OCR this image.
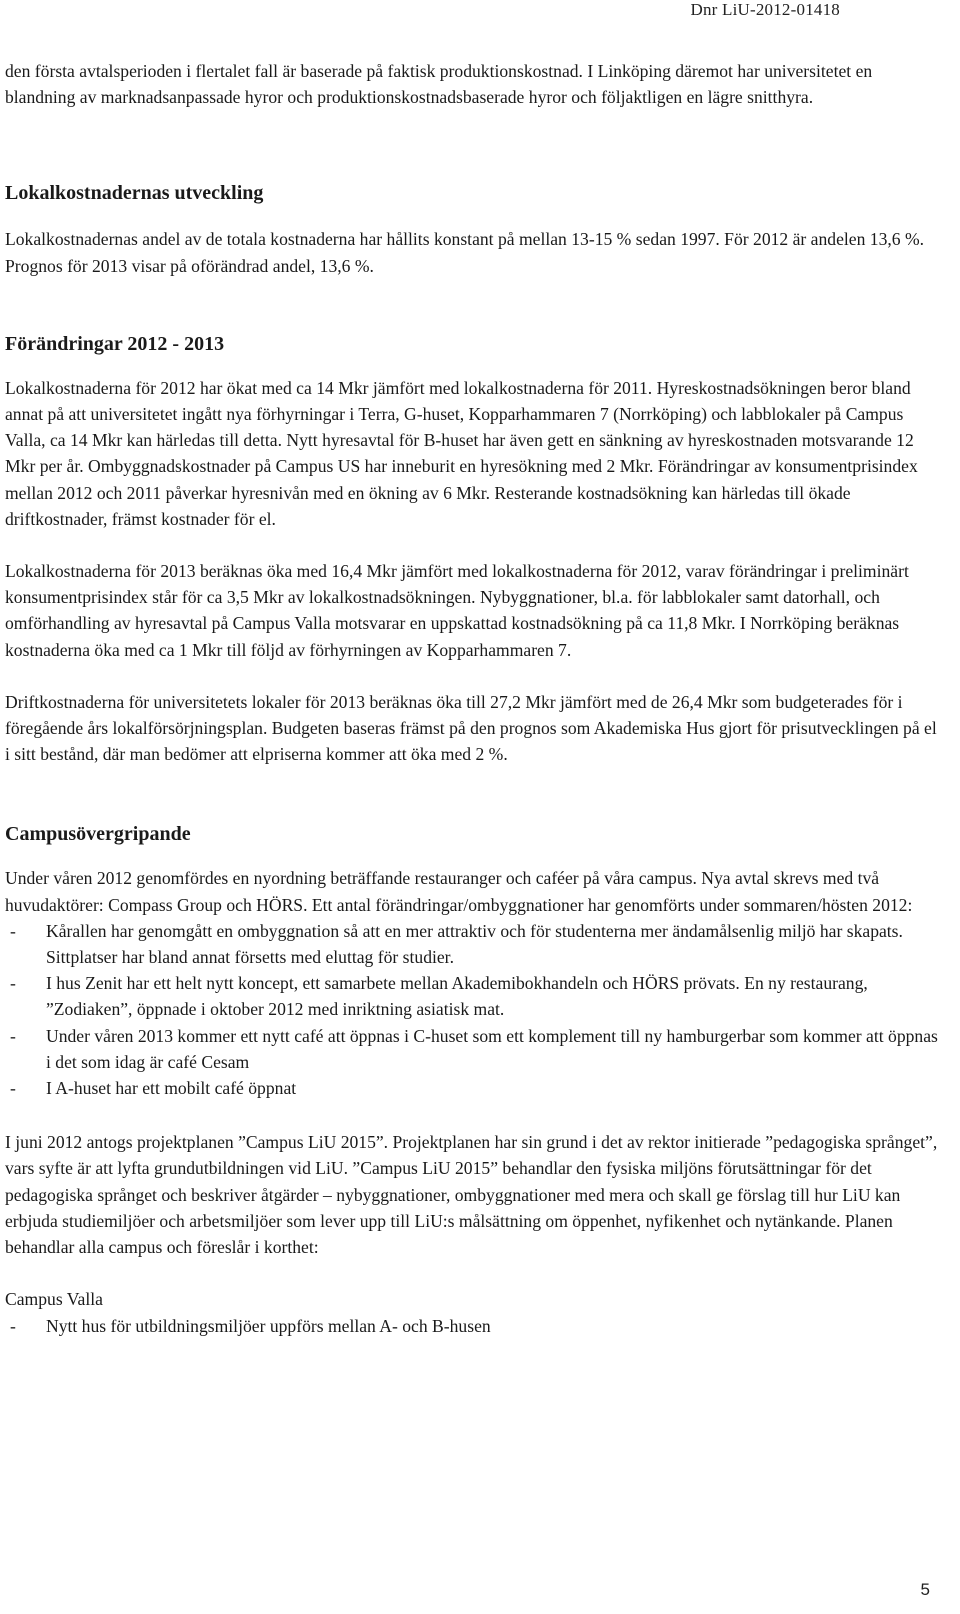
Dnr LiU-2012-01418

den första avtalsperioden i flertalet fall är baserade på faktisk produktionskostnad. I Linköping däremot har universitetet en blandning av marknadsanpassade hyror och produktionskostnadsbaserade hyror och följaktligen en lägre snitthyra.

Lokalkostnadernas utveckling

Lokalkostnadernas andel av de totala kostnaderna har hållits konstant på mellan 13-15 % sedan 1997. För 2012 är andelen 13,6 %. Prognos för 2013 visar på oförändrad andel, 13,6 %.

Förändringar 2012 - 2013

Lokalkostnaderna för 2012 har ökat med ca 14 Mkr jämfört med lokalkostnaderna för 2011. Hyreskostnadsökningen beror bland annat på att universitetet ingått nya förhyrningar i Terra, G-huset, Kopparhammaren 7 (Norrköping) och labblokaler på Campus Valla, ca 14 Mkr kan härledas till detta. Nytt hyresavtal för B-huset har även gett en sänkning av hyreskostnaden motsvarande 12 Mkr per år. Ombyggnadskostnader på Campus US har inneburit en hyresökning med 2 Mkr. Förändringar av konsumentprisindex mellan 2012 och 2011 påverkar hyresnivån med en ökning av 6 Mkr. Resterande kostnadsökning kan härledas till ökade driftkostnader, främst kostnader för el.

Lokalkostnaderna för 2013 beräknas öka med 16,4 Mkr jämfört med lokalkostnaderna för 2012, varav förändringar i preliminärt konsumentprisindex står för ca 3,5 Mkr av lokalkostnadsökningen. Nybyggnationer, bl.a. för labblokaler samt datorhall, och omförhandling av hyresavtal på Campus Valla motsvarar en uppskattad kostnadsökning på ca 11,8 Mkr. I Norrköping beräknas kostnaderna öka med ca 1 Mkr till följd av förhyrningen av Kopparhammaren 7.

Driftkostnaderna för universitetets lokaler för 2013 beräknas öka till 27,2 Mkr jämfört med de 26,4 Mkr som budgeterades för i föregående års lokalförsörjningsplan. Budgeten baseras främst på den prognos som Akademiska Hus gjort för prisutvecklingen på el i sitt bestånd, där man bedömer att elpriserna kommer att öka med 2 %.

Campusövergripande

Under våren 2012 genomfördes en nyordning beträffande restauranger och caféer på våra campus. Nya avtal skrevs med två huvudaktörer: Compass Group och HÖRS. Ett antal förändringar/ombyggnationer har genomförts under sommaren/hösten 2012:

- Kårallen har genomgått en ombyggnation så att en mer attraktiv och för studenterna mer ändamålsenlig miljö har skapats. Sittplatser har bland annat försetts med eluttag för studier.
- I hus Zenit har ett helt nytt koncept, ett samarbete mellan Akademibokhandeln och HÖRS prövats. En ny restaurang, ”Zodiaken”, öppnade i oktober 2012 med inriktning asiatisk mat.
- Under våren 2013 kommer ett nytt café att öppnas i C-huset som ett komplement till ny hamburgerbar som kommer att öppnas i det som idag är café Cesam
- I A-huset har ett mobilt café öppnat

I juni 2012 antogs projektplanen ”Campus LiU 2015”. Projektplanen har sin grund i det av rektor initierade ”pedagogiska språnget”, vars syfte är att lyfta grundutbildningen vid LiU. ”Campus LiU 2015” behandlar den fysiska miljöns förutsättningar för det pedagogiska språnget och beskriver åtgärder – nybyggnationer, ombyggnationer med mera och skall ge förslag till hur LiU kan erbjuda studiemiljöer och arbetsmiljöer som lever upp till LiU:s målsättning om öppenhet, nyfikenhet och nytänkande. Planen behandlar alla campus och föreslår i korthet:

Campus Valla

- Nytt hus för utbildningsmiljöer uppförs mellan A- och B-husen
5
